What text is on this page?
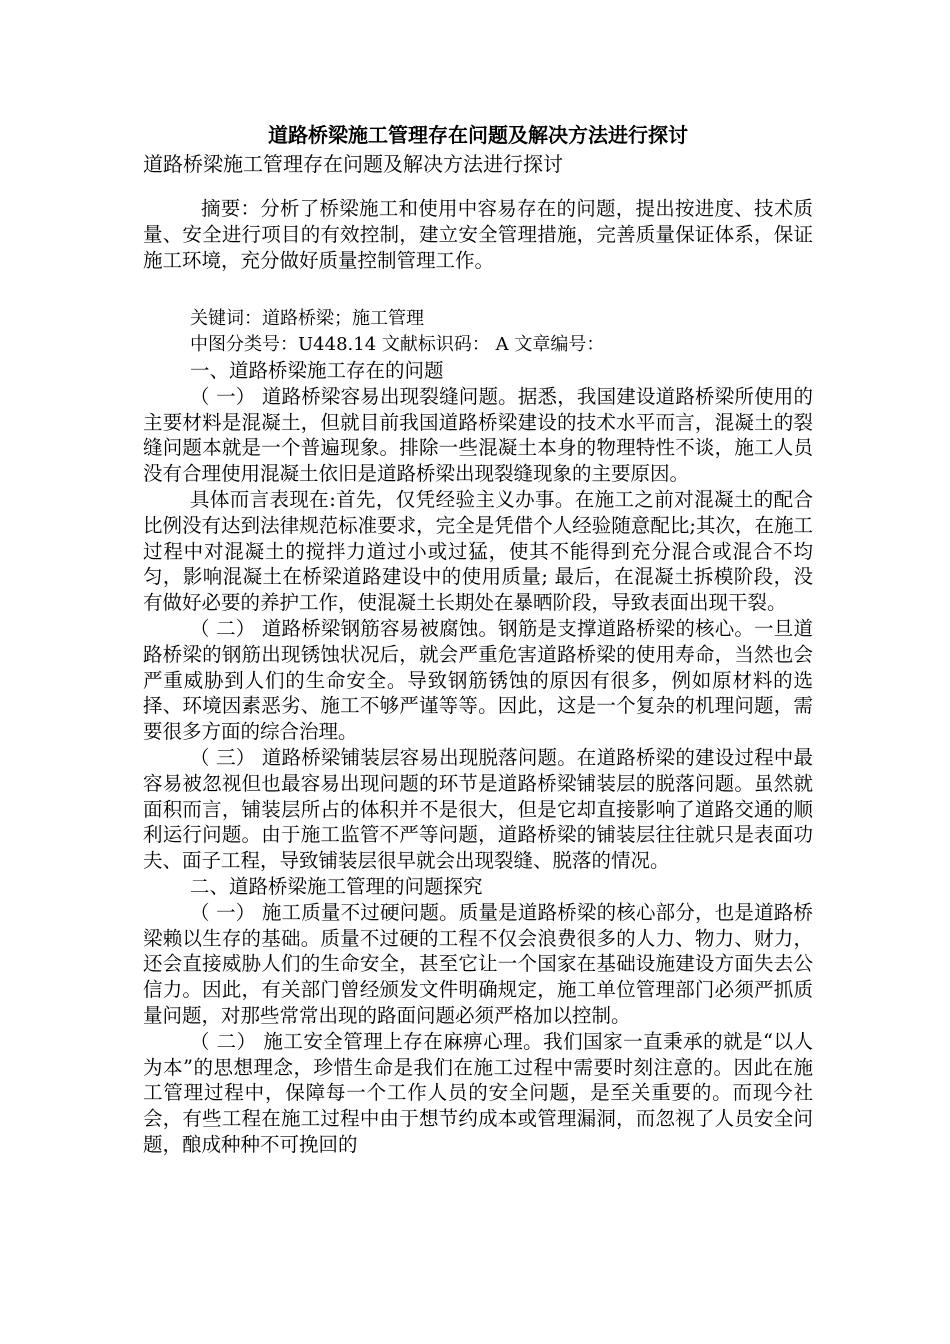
道路桥梁施工管理存在问题及解决方法进行探讨

道路桥梁施工管理存在问题及解决方法进行探讨

摘要：分析了桥梁施工和使用中容易存在的问题，提出按进度、技术质量、安全进行项目的有效控制，建立安全管理措施，完善质量保证体系，保证施工环境，充分做好质量控制管理工作。

关键词：道路桥梁；施工管理

中图分类号：U448.14 文献标识码： A 文章编号：

一、道路桥梁施工存在的问题

（ 一） 道路桥梁容易出现裂缝问题。据悉，我国建设道路桥梁所使用的主要材料是混凝土，但就目前我国道路桥梁建设的技术水平而言，混凝土的裂缝问题本就是一个普遍现象。排除一些混凝土本身的物理特性不谈，施工人员没有合理使用混凝土依旧是道路桥梁出现裂缝现象的主要原因。

具体而言表现在:首先，仅凭经验主义办事。在施工之前对混凝土的配合比例没有达到法律规范标准要求，完全是凭借个人经验随意配比;其次，在施工过程中对混凝土的搅拌力道过小或过猛，使其不能得到充分混合或混合不均匀，影响混凝土在桥梁道路建设中的使用质量; 最后，在混凝土拆模阶段，没有做好必要的养护工作，使混凝土长期处在暴晒阶段，导致表面出现干裂。

（ 二） 道路桥梁钢筋容易被腐蚀。钢筋是支撑道路桥梁的核心。一旦道路桥梁的钢筋出现锈蚀状况后，就会严重危害道路桥梁的使用寿命，当然也会严重威胁到人们的生命安全。导致钢筋锈蚀的原因有很多，例如原材料的选择、环境因素恶劣、施工不够严谨等等。因此，这是一个复杂的机理问题，需要很多方面的综合治理。

（ 三） 道路桥梁铺装层容易出现脱落问题。在道路桥梁的建设过程中最容易被忽视但也最容易出现问题的环节是道路桥梁铺装层的脱落问题。虽然就面积而言，铺装层所占的体积并不是很大，但是它却直接影响了道路交通的顺利运行问题。由于施工监管不严等问题，道路桥梁的铺装层往往就只是表面功夫、面子工程，导致铺装层很早就会出现裂缝、脱落的情况。

二、道路桥梁施工管理的问题探究

（ 一） 施工质量不过硬问题。质量是道路桥梁的核心部分，也是道路桥梁赖以生存的基础。质量不过硬的工程不仅会浪费很多的人力、物力、财力，还会直接威胁人们的生命安全，甚至它让一个国家在基础设施建设方面失去公信力。因此，有关部门曾经颁发文件明确规定，施工单位管理部门必须严抓质量问题，对那些常常出现的路面问题必须严格加以控制。

（ 二） 施工安全管理上存在麻痹心理。我们国家一直秉承的就是“以人为本”的思想理念，珍惜生命是我们在施工过程中需要时刻注意的。因此在施工管理过程中，保障每一个工作人员的安全问题，是至关重要的。而现今社会，有些工程在施工过程中由于想节约成本或管理漏洞，而忽视了人员安全问题，酿成种种不可挽回的
